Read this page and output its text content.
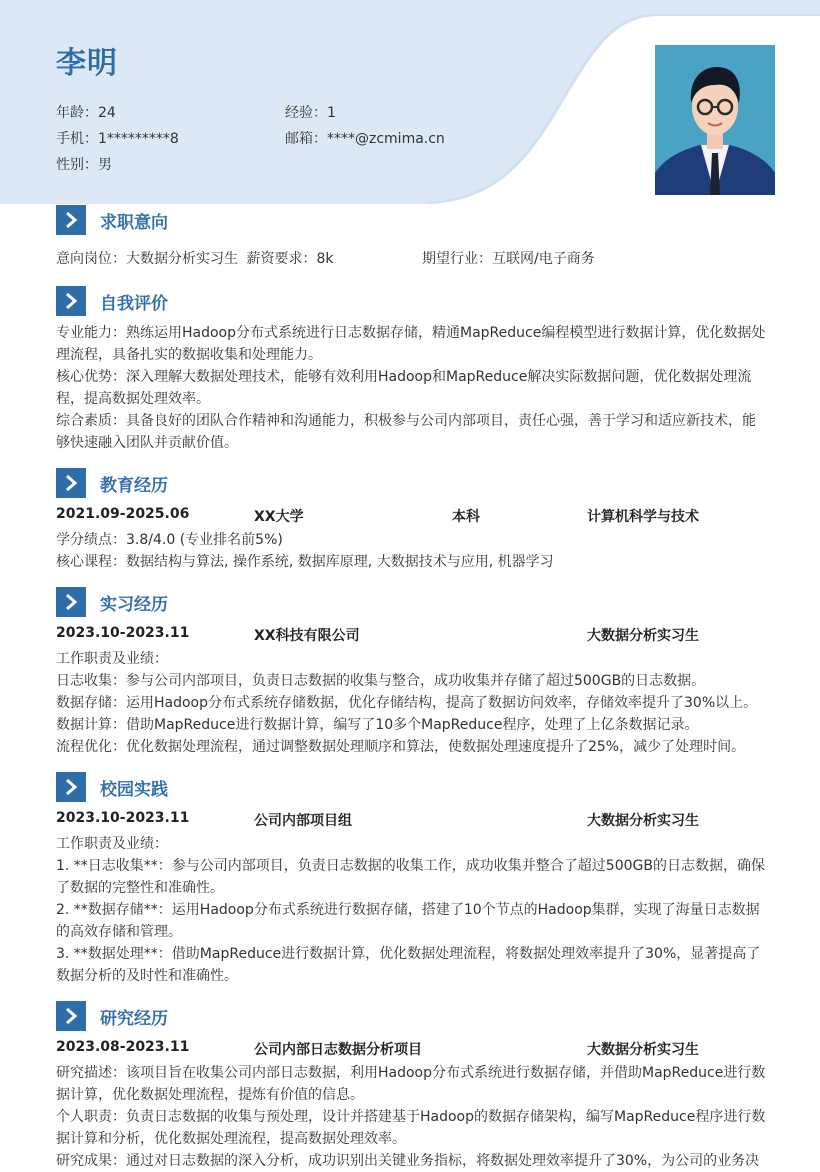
李明
年龄：24	经验：1
手机：1*********8	邮箱：****@zcmima.cn
性别：男
求职意向
意向岗位：大数据分析实习生 薪资要求：8k	期望行业：互联网/电子商务
自我评价
专业能力：熟练运用Hadoop分布式系统进行日志数据存储，精通MapReduce编程模型进行数据计算，优化数据处理流程，具备扎实的数据收集和处理能力。
核心优势：深入理解大数据处理技术，能够有效利用Hadoop和MapReduce解决实际数据问题，优化数据处理流程，提高数据处理效率。
综合素质：具备良好的团队合作精神和沟通能力，积极参与公司内部项目，责任心强，善于学习和适应新技术，能够快速融入团队并贡献价值。
教育经历
2021.09-2025.06	XX大学	本科	计算机科学与技术
学分绩点：3.8/4.0 (专业排名前5%)
核心课程：数据结构与算法, 操作系统, 数据库原理, 大数据技术与应用, 机器学习
实习经历
2023.10-2023.11	XX科技有限公司	大数据分析实习生
工作职责及业绩：
日志收集：参与公司内部项目，负责日志数据的收集与整合，成功收集并存储了超过500GB的日志数据。
数据存储：运用Hadoop分布式系统存储数据，优化存储结构，提高了数据访问效率，存储效率提升了30%以上。
数据计算：借助MapReduce进行数据计算，编写了10多个MapReduce程序，处理了上亿条数据记录。
流程优化：优化数据处理流程，通过调整数据处理顺序和算法，使数据处理速度提升了25%，减少了处理时间。
校园实践
2023.10-2023.11	公司内部项目组	大数据分析实习生
工作职责及业绩：
1. **日志收集**：参与公司内部项目，负责日志数据的收集工作，成功收集并整合了超过500GB的日志数据，确保了数据的完整性和准确性。
2. **数据存储**：运用Hadoop分布式系统进行数据存储，搭建了10个节点的Hadoop集群，实现了海量日志数据的高效存储和管理。
3. **数据处理**：借助MapReduce进行数据计算，优化数据处理流程，将数据处理效率提升了30%，显著提高了数据分析的及时性和准确性。
研究经历
2023.08-2023.11	公司内部日志数据分析项目	大数据分析实习生
研究描述：该项目旨在收集公司内部日志数据，利用Hadoop分布式系统进行数据存储，并借助MapReduce进行数据计算，优化数据处理流程，提炼有价值的信息。
个人职责：负责日志数据的收集与预处理，设计并搭建基于Hadoop的数据存储架构，编写MapReduce程序进行数据计算和分析，优化数据处理流程，提高数据处理效率。
研究成果：通过对日志数据的深入分析，成功识别出关键业务指标，将数据处理效率提升了30%，为公司的业务决
